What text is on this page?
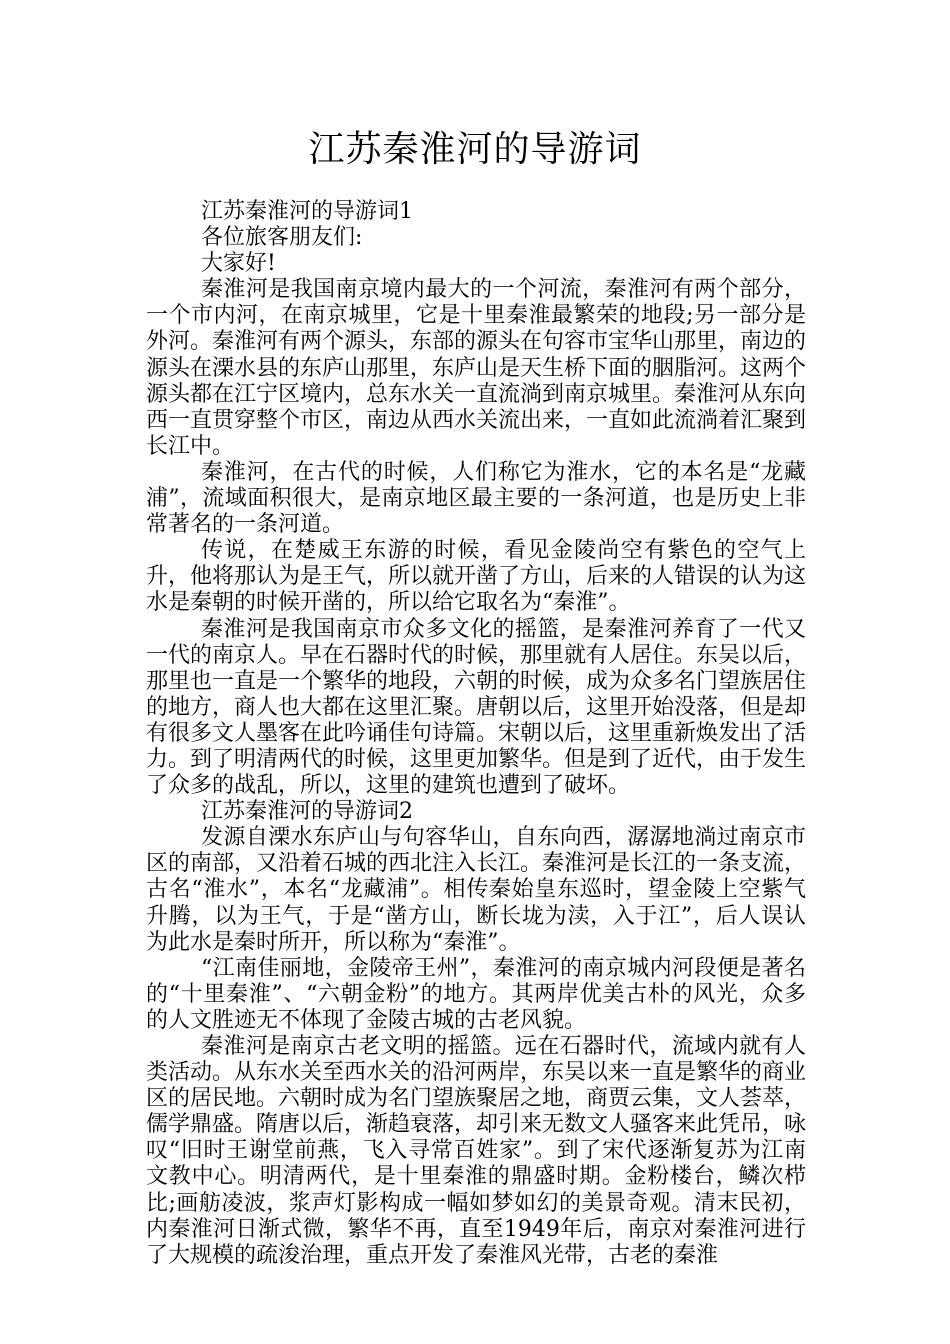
江苏秦淮河的导游词

江苏秦淮河的导游词1

各位旅客朋友们:

大家好!

秦淮河是我国南京境内最大的一个河流，秦淮河有两个部分，一个市内河，在南京城里，它是十里秦淮最繁荣的地段;另一部分是外河。秦淮河有两个源头，东部的源头在句容市宝华山那里，南边的源头在溧水县的东庐山那里，东庐山是天生桥下面的胭脂河。这两个源头都在江宁区境内，总东水关一直流淌到南京城里。秦淮河从东向西一直贯穿整个市区，南边从西水关流出来，一直如此流淌着汇聚到长江中。

秦淮河，在古代的时候，人们称它为淮水，它的本名是“龙藏浦”，流域面积很大，是南京地区最主要的一条河道，也是历史上非常著名的一条河道。

传说，在楚威王东游的时候，看见金陵尚空有紫色的空气上升，他将那认为是王气，所以就开凿了方山，后来的人错误的认为这水是秦朝的时候开凿的，所以给它取名为“秦淮”。

秦淮河是我国南京市众多文化的摇篮，是秦淮河养育了一代又一代的南京人。早在石器时代的时候，那里就有人居住。东吴以后，那里也一直是一个繁华的地段，六朝的时候，成为众多名门望族居住的地方，商人也大都在这里汇聚。唐朝以后，这里开始没落，但是却有很多文人墨客在此吟诵佳句诗篇。宋朝以后，这里重新焕发出了活力。到了明清两代的时候，这里更加繁华。但是到了近代，由于发生了众多的战乱，所以，这里的建筑也遭到了破坏。

江苏秦淮河的导游词2

发源自溧水东庐山与句容华山，自东向西，潺潺地淌过南京市区的南部，又沿着石城的西北注入长江。秦淮河是长江的一条支流，古名“淮水”，本名“龙藏浦”。相传秦始皇东巡时，望金陵上空紫气升腾，以为王气，于是“凿方山，断长垅为渎，入于江”，后人误认为此水是秦时所开，所以称为“秦淮”。

“江南佳丽地，金陵帝王州”，秦淮河的南京城内河段便是著名的“十里秦淮”、“六朝金粉”的地方。其两岸优美古朴的风光，众多的人文胜迹无不体现了金陵古城的古老风貌。

秦淮河是南京古老文明的摇篮。远在石器时代，流域内就有人类活动。从东水关至西水关的沿河两岸，东吴以来一直是繁华的商业区的居民地。六朝时成为名门望族聚居之地，商贾云集，文人荟萃，儒学鼎盛。隋唐以后，渐趋衰落，却引来无数文人骚客来此凭吊，咏叹“旧时王谢堂前燕，飞入寻常百姓家”。到了宋代逐渐复苏为江南文教中心。明清两代，是十里秦淮的鼎盛时期。金粉楼台，鳞次栉比;画舫凌波，浆声灯影构成一幅如梦如幻的美景奇观。清末民初，内秦淮河日渐式微，繁华不再，直至1949年后，南京对秦淮河进行了大规模的疏浚治理，重点开发了秦淮风光带，古老的秦淮
